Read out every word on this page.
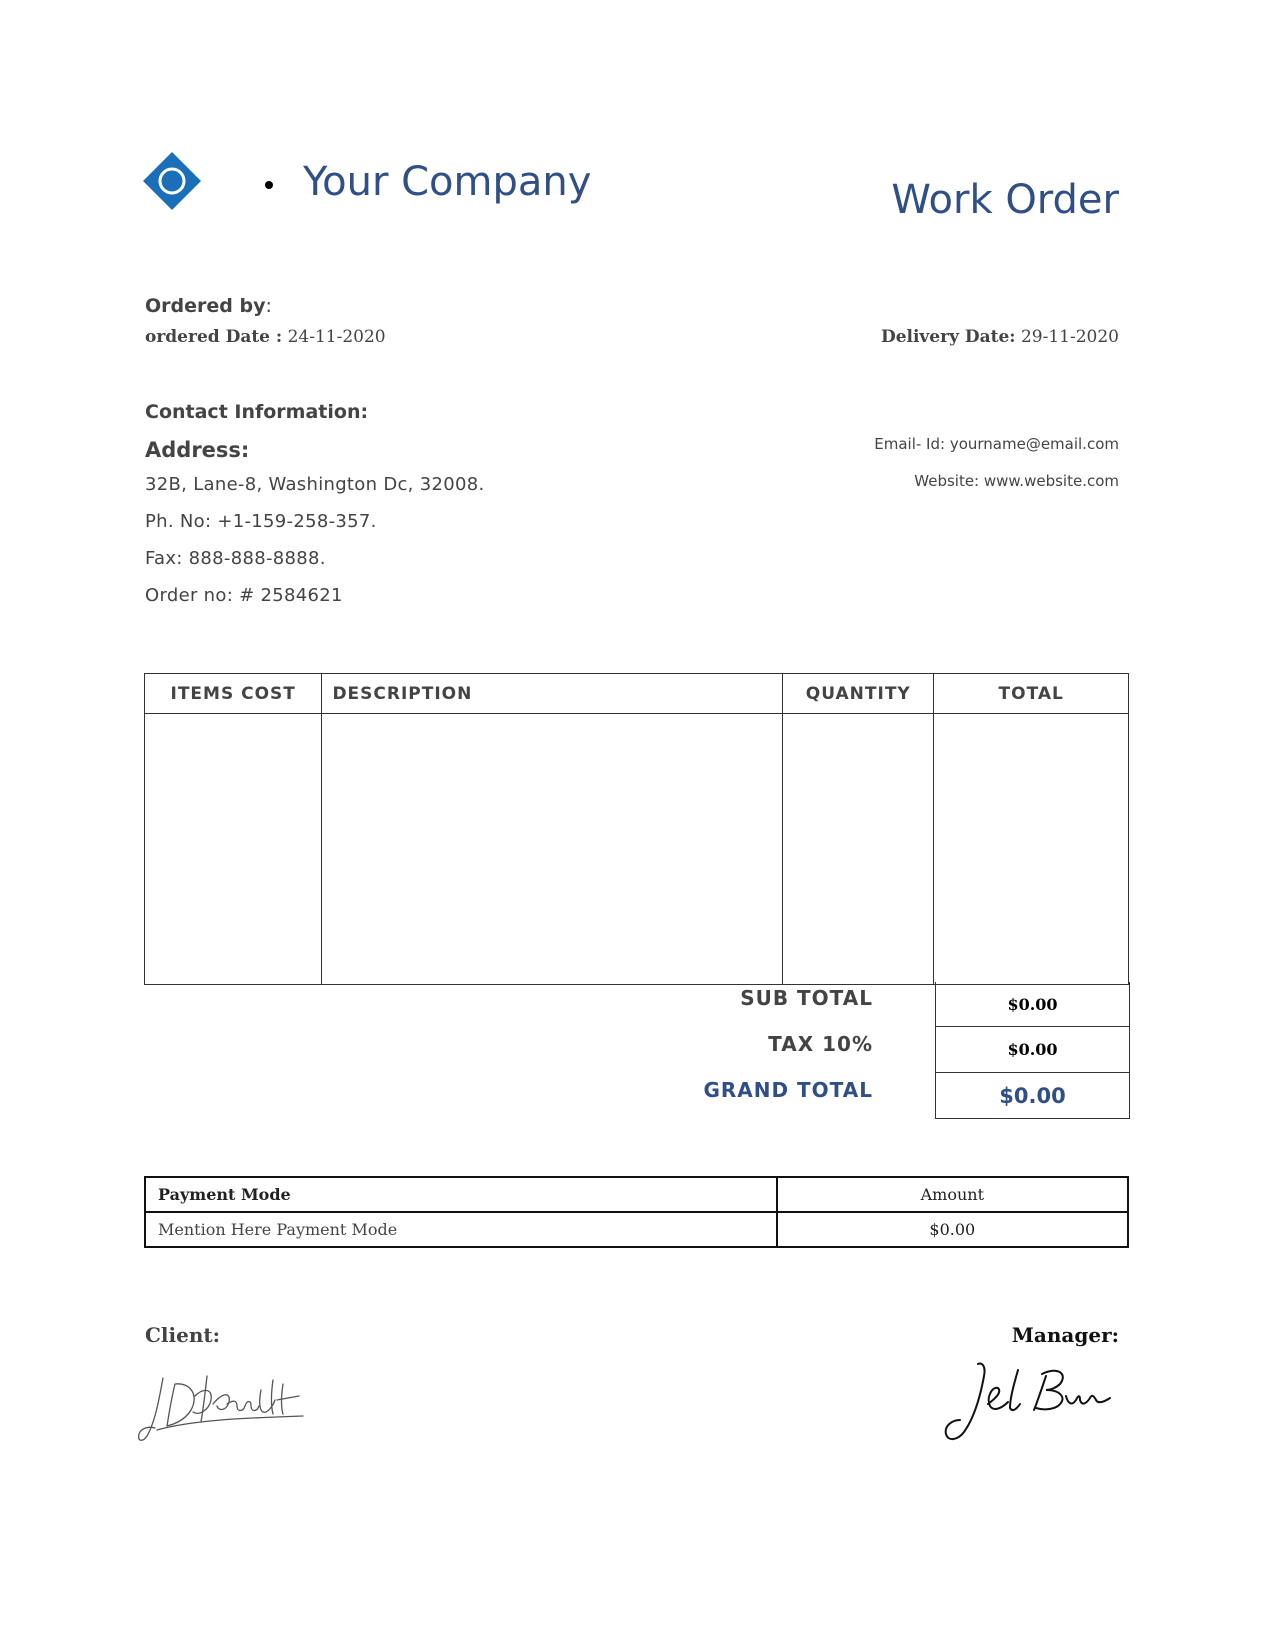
Your Company	Work Order
Ordered by:
ordered Date : 24-11-2020	Delivery Date: 29-11-2020
Contact Information:
Address:
32B, Lane-8, Washington Dc, 32008.
Ph. No: +1-159-258-357.
Fax: 888-888-8888.
Order no: # 2584621
Email- Id: yourname@email.com
Website: www.website.com
ITEMS COST	DESCRIPTION	QUANTITY	TOTAL

SUB TOTAL	$0.00
TAX 10%	$0.00
GRAND TOTAL	$0.00
Payment Mode	Amount
Mention Here Payment Mode	$0.00
Client:	Manager:
